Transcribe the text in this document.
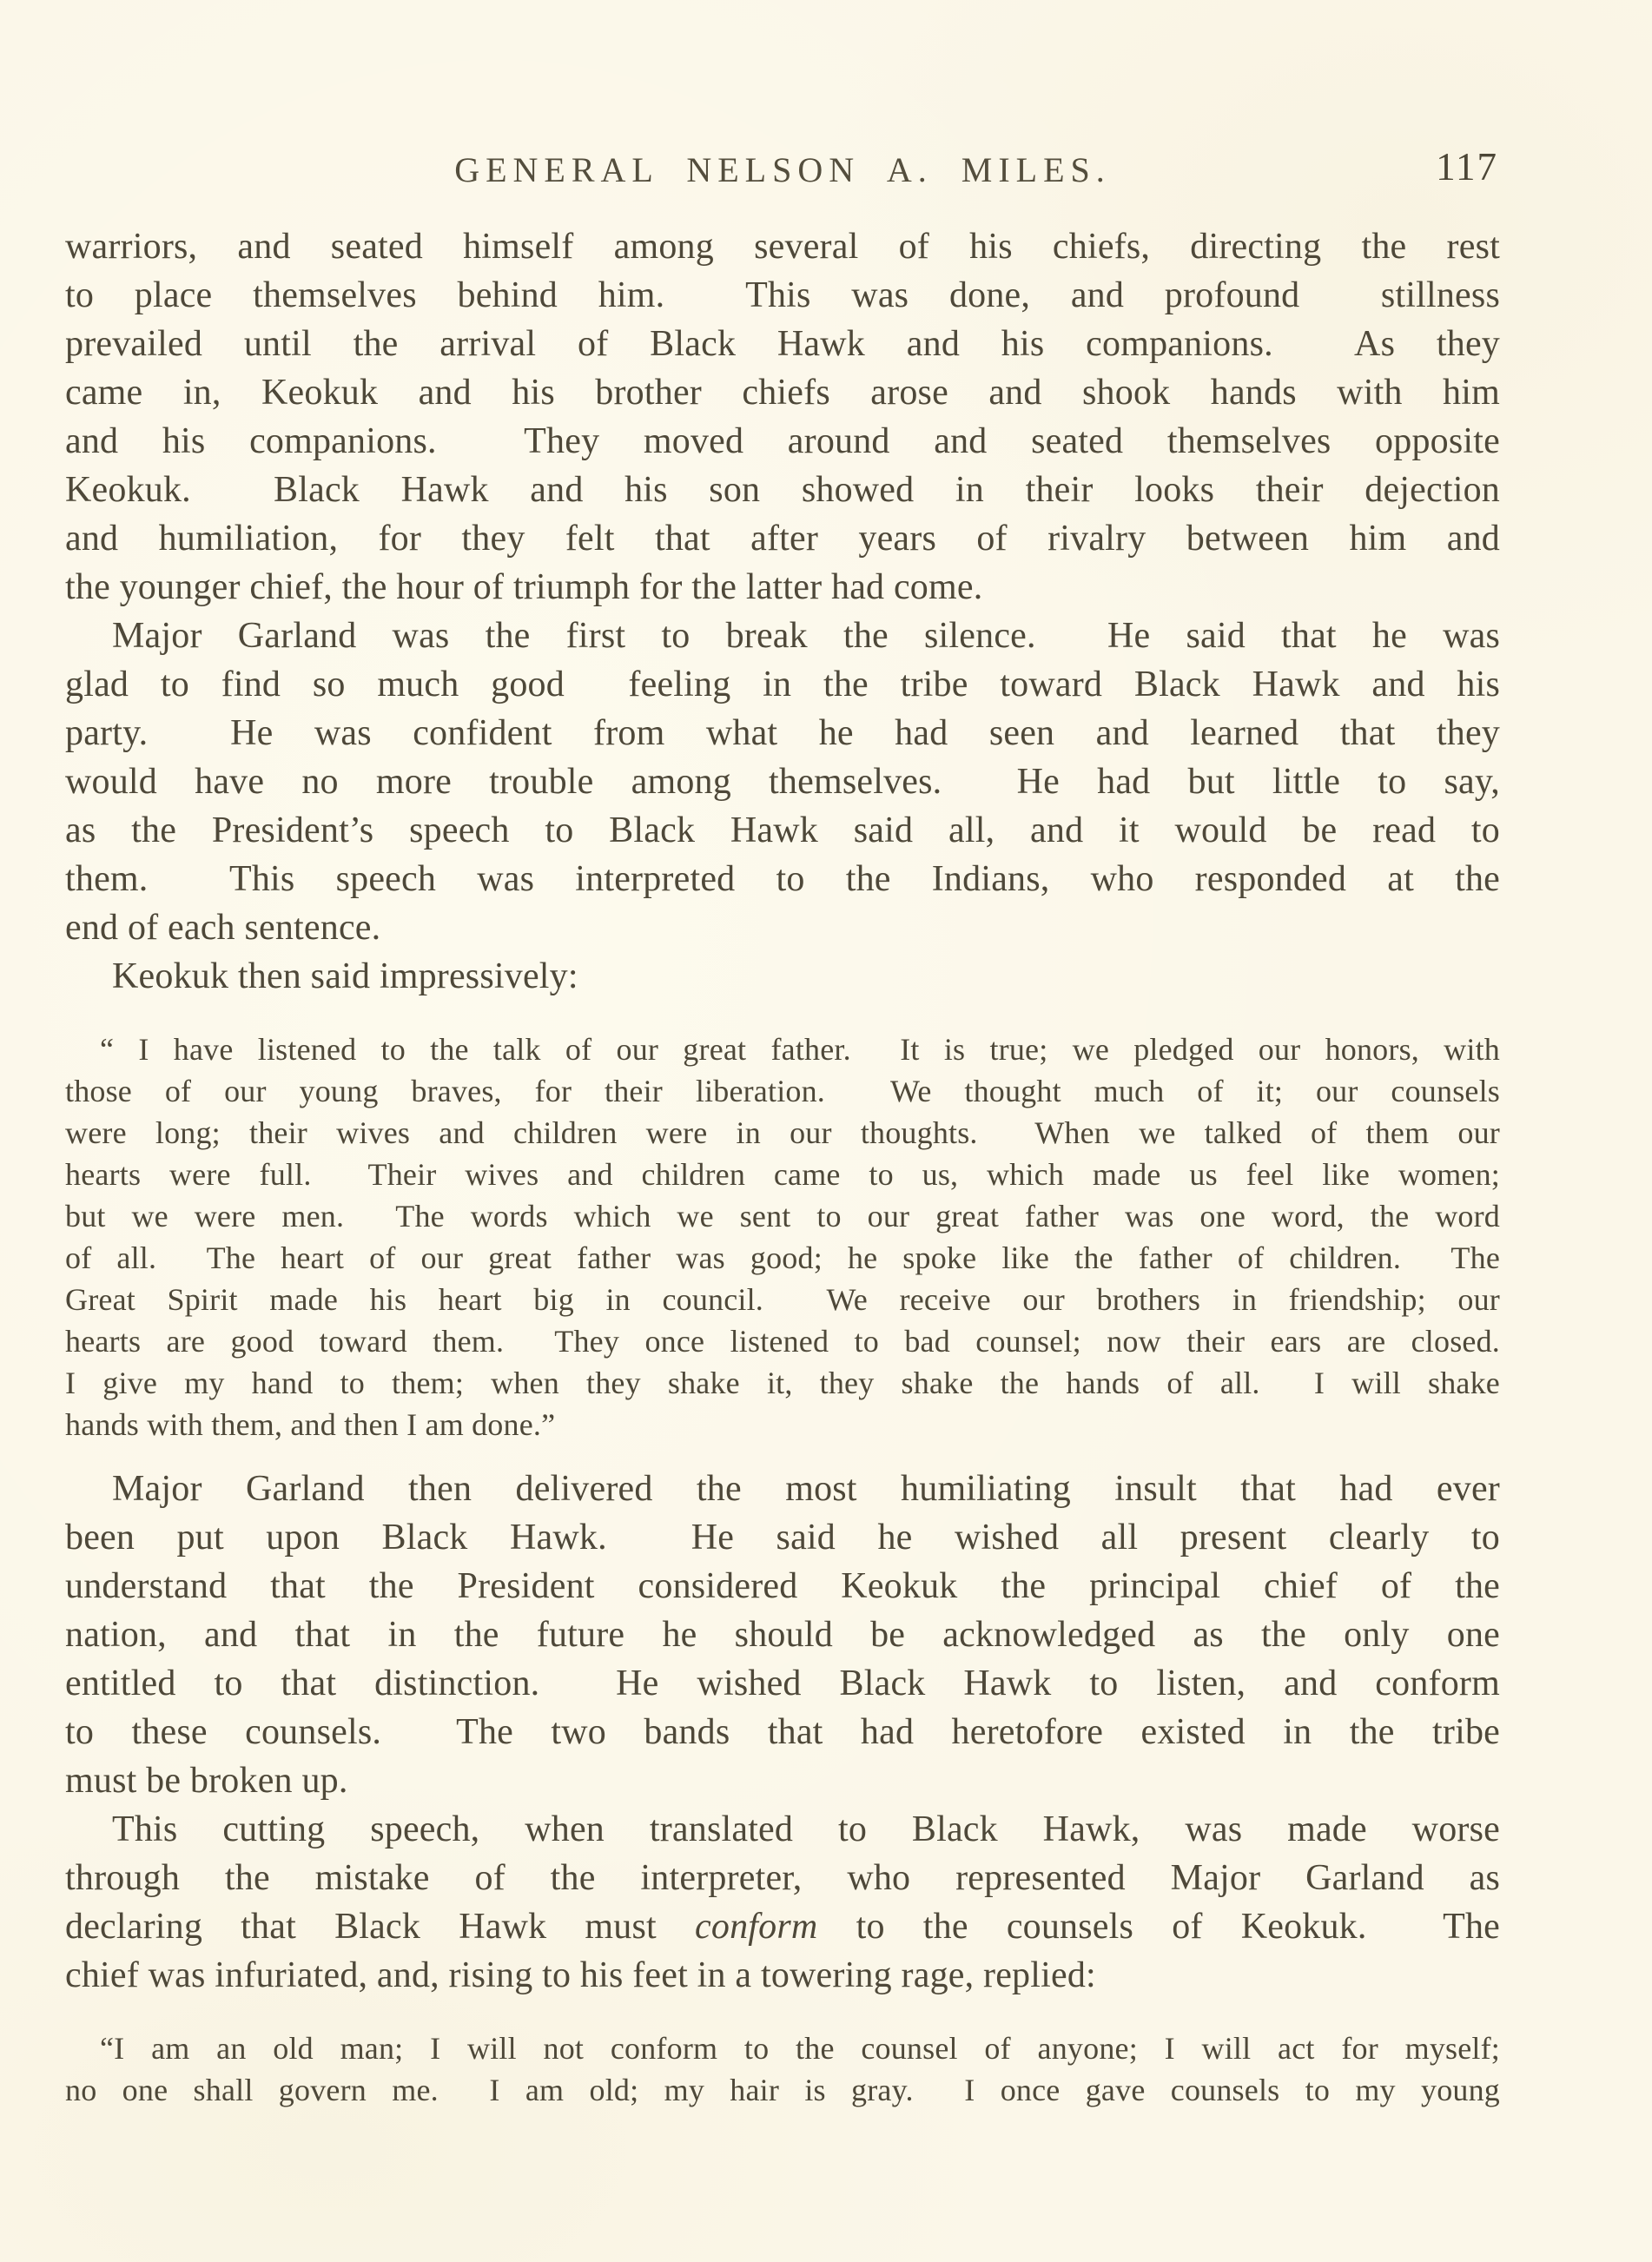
GENERAL NELSON A. MILES.	117
warriors, and seated himself among several of his chiefs, directing the rest
to place themselves behind him.  This was done, and profound  stillness
prevailed until the arrival of Black Hawk and his companions.  As they
came in, Keokuk and his brother chiefs arose and shook hands with him
and his companions.  They moved around and seated themselves opposite
Keokuk.  Black Hawk and his son showed in their looks their dejection
and humiliation, for they felt that after years of rivalry between him and
the younger chief, the hour of triumph for the latter had come.
Major Garland was the first to break the silence.  He said that he was
glad to find so much good  feeling in the tribe toward Black Hawk and his
party.  He was confident from what he had seen and learned that they
would have no more trouble among themselves.  He had but little to say,
as the President’s speech to Black Hawk said all, and it would be read to
them.  This speech was interpreted to the Indians, who responded at the
end of each sentence.
Keokuk then said impressively:
“ I have listened to the talk of our great father.  It is true; we pledged our honors, with
those of our young braves, for their liberation.  We thought much of it; our counsels
were long; their wives and children were in our thoughts.  When we talked of them our
hearts were full.  Their wives and children came to us, which made us feel like women;
but we were men.  The words which we sent to our great father was one word, the word
of all.  The heart of our great father was good; he spoke like the father of children.  The
Great Spirit made his heart big in council.  We receive our brothers in friendship; our
hearts are good toward them.  They once listened to bad counsel; now their ears are closed.
I give my hand to them; when they shake it, they shake the hands of all.  I will shake
hands with them, and then I am done.”
Major Garland then delivered the most humiliating insult that had ever
been put upon Black Hawk.  He said he wished all present clearly to
understand that the President considered Keokuk the principal chief of the
nation, and that in the future he should be acknowledged as the only one
entitled to that distinction.  He wished Black Hawk to listen, and conform
to these counsels.  The two bands that had heretofore existed in the tribe
must be broken up.
This cutting speech, when translated to Black Hawk, was made worse
through the mistake of the interpreter, who represented Major Garland as
declaring that Black Hawk must conform to the counsels of Keokuk.  The
chief was infuriated, and, rising to his feet in a towering rage, replied:
“I am an old man; I will not conform to the counsel of anyone; I will act for myself;
no one shall govern me.  I am old; my hair is gray.  I once gave counsels to my young
